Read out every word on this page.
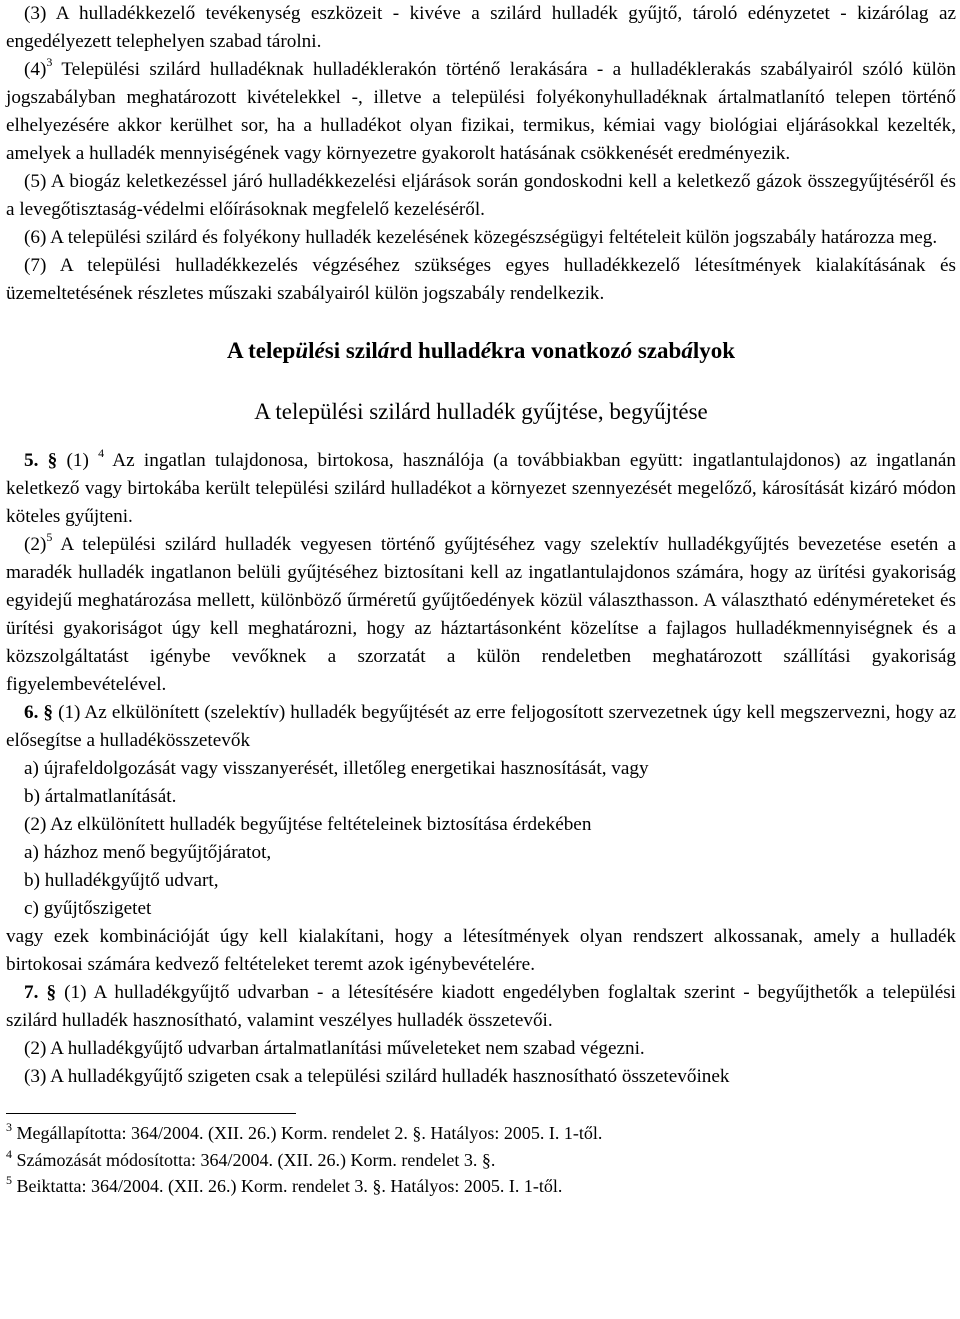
(3) A hulladékkezelő tevékenység eszközeit - kivéve a szilárd hulladék gyűjtő, tároló edényzetet - kizárólag az engedélyezett telephelyen szabad tárolni.

$(4)^3$ Települési szilárd hulladéknak hulladéklerakón történő lerakására - a hulladéklerakás szabályairól szóló külön jogszabályban meghatározott kivételekkel -, illetve a települési folyékonyhulladéknak ártalmatlanító telepen történő elhelyezésére akkor kerülhet sor, ha a hulladékot olyan fizikai, termikus, kémiai vagy biológiai eljárásokkal kezelték, amelyek a hulladék mennyiségének vagy környezetre gyakorolt hatásának csökkenését eredményezik.

(5) A biogáz keletkezéssel járó hulladékkezelési eljárások során gondoskodni kell a keletkező gázok összegyűjtéséről és a levegőtisztaság-védelmi előírásoknak megfelelő kezeléséről.

(6) A települési szilárd és folyékony hulladék kezelésének közegészségügyi feltételeit külön jogszabály határozza meg.

(7) A települési hulladékkezelés végzéséhez szükséges egyes hulladékkezelő létesítmények kialakításának és üzemeltetésének részletes műszaki szabályairól külön jogszabály rendelkezik.

A települési szilárd hulladékra vonatkozó szabályok
A települési szilárd hulladék gyűjtése, begyűjtése

5. § (1) $^4$ Az ingatlan tulajdonosa, birtokosa, használója (a továbbiakban együtt: ingatlantulajdonos) az ingatlanán keletkező vagy birtokába került települési szilárd hulladékot a környezet szennyezését megelőző, károsítását kizáró módon köteles gyűjteni.

$(2)^5$ A települési szilárd hulladék vegyesen történő gyűjtéséhez vagy szelektív hulladékgyűjtés bevezetése esetén a maradék hulladék ingatlanon belüli gyűjtéséhez biztosítani kell az ingatlantulajdonos számára, hogy az ürítési gyakoriság egyidejű meghatározása mellett, különböző űrméretű gyűjtőedények közül választhasson. A választható edényméreteket és ürítési gyakoriságot úgy kell meghatározni, hogy az háztartásonként közelítse a fajlagos hulladékmennyiségnek és a közszolgáltatást igénybe vevőknek a szorzatát a külön rendeletben meghatározott szállítási gyakoriság figyelembevételével.

6. § (1) Az elkülönített (szelektív) hulladék begyűjtését az erre feljogosított szervezetnek úgy kell megszervezni, hogy az elősegítse a hulladékösszetevők

a) újrafeldolgozását vagy visszanyerését, illetőleg energetikai hasznosítását, vagy

b) ártalmatlanítását.

(2) Az elkülönített hulladék begyűjtése feltételeinek biztosítása érdekében

a) házhoz menő begyűjtőjáratot,

b) hulladékgyűjtő udvart,

c) gyűjtőszigetet

vagy ezek kombinációját úgy kell kialakítani, hogy a létesítmények olyan rendszert alkossanak, amely a hulladék birtokosai számára kedvező feltételeket teremt azok igénybevételére.

7. § (1) A hulladékgyűjtő udvarban - a létesítésére kiadott engedélyben foglaltak szerint - begyűjthetők a települési szilárd hulladék hasznosítható, valamint veszélyes hulladék összetevői.

(2) A hulladékgyűjtő udvarban ártalmatlanítási műveleteket nem szabad végezni.

(3) A hulladékgyűjtő szigeten csak a települési szilárd hulladék hasznosítható összetevőinek

$^3$ Megállapította: 364/2004. (XII. 26.) Korm. rendelet 2. §. Hatályos: 2005. I. 1-től.

$^4$ Számozását módosította: 364/2004. (XII. 26.) Korm. rendelet 3. §.

$^5$ Beiktatta: 364/2004. (XII. 26.) Korm. rendelet 3. §. Hatályos: 2005. I. 1-től.
